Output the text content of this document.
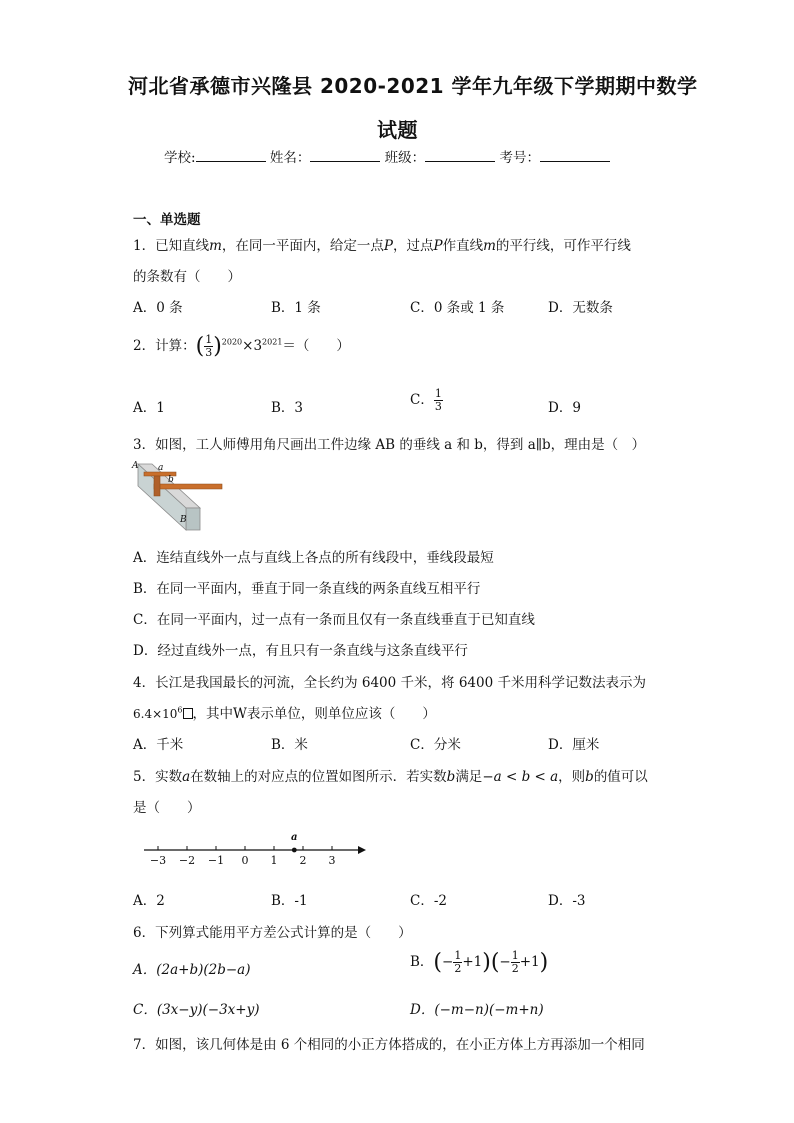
河北省承德市兴隆县 2020-2021 学年九年级下学期期中数学
试题
学校:	姓名：	班级：	考号：
一、单选题
1．已知直线m，在同一平面内，给定一点P，过点P作直线m的平行线，可作平行线
的条数有（　　）
A．0 条	B．1 条	C．0 条或 1 条	D．无数条
2．计算：( $\frac{1}{3} )^{2020}\times 3^{2021}=$（　　）
A．1	B．3	C． $\frac{1}{3}$	D．9
3．如图，工人师傅用角尺画出工件边缘 AB 的垂线 a 和 b，得到 a∥b，理由是（　）
A a
b
B
A．连结直线外一点与直线上各点的所有线段中，垂线段最短
B．在同一平面内，垂直于同一条直线的两条直线互相平行
C．在同一平面内，过一点有一条而且仅有一条直线垂直于已知直线
D．经过直线外一点，有且只有一条直线与这条直线平行
4．长江是我国最长的河流，全长约为 6400 千米，将 6400 千米用科学记数法表示为
$6.4\times 10^6$ ，其中W表示单位，则单位应该（　　）
A．千米	B．米	C．分米	D．厘米
5．实数a在数轴上的对应点的位置如图所示．若实数b满足−a < b < a，则b的值可以
是（　　）
−3 −2 −1 0 1 2 3
a
A．2	B．-1	C．-2	D．-3
6．下列算式能用平方差公式计算的是（　　）
A．(2a+b)(2b−a)	B．(− $\frac{1}{2} +1)(- \frac{1}{2} +1)$
C．(3x−y)(−3x+y)	D．(−m−n)(−m+n)
7．如图，该几何体是由 6 个相同的小正方体搭成的，在小正方体上方再添加一个相同
